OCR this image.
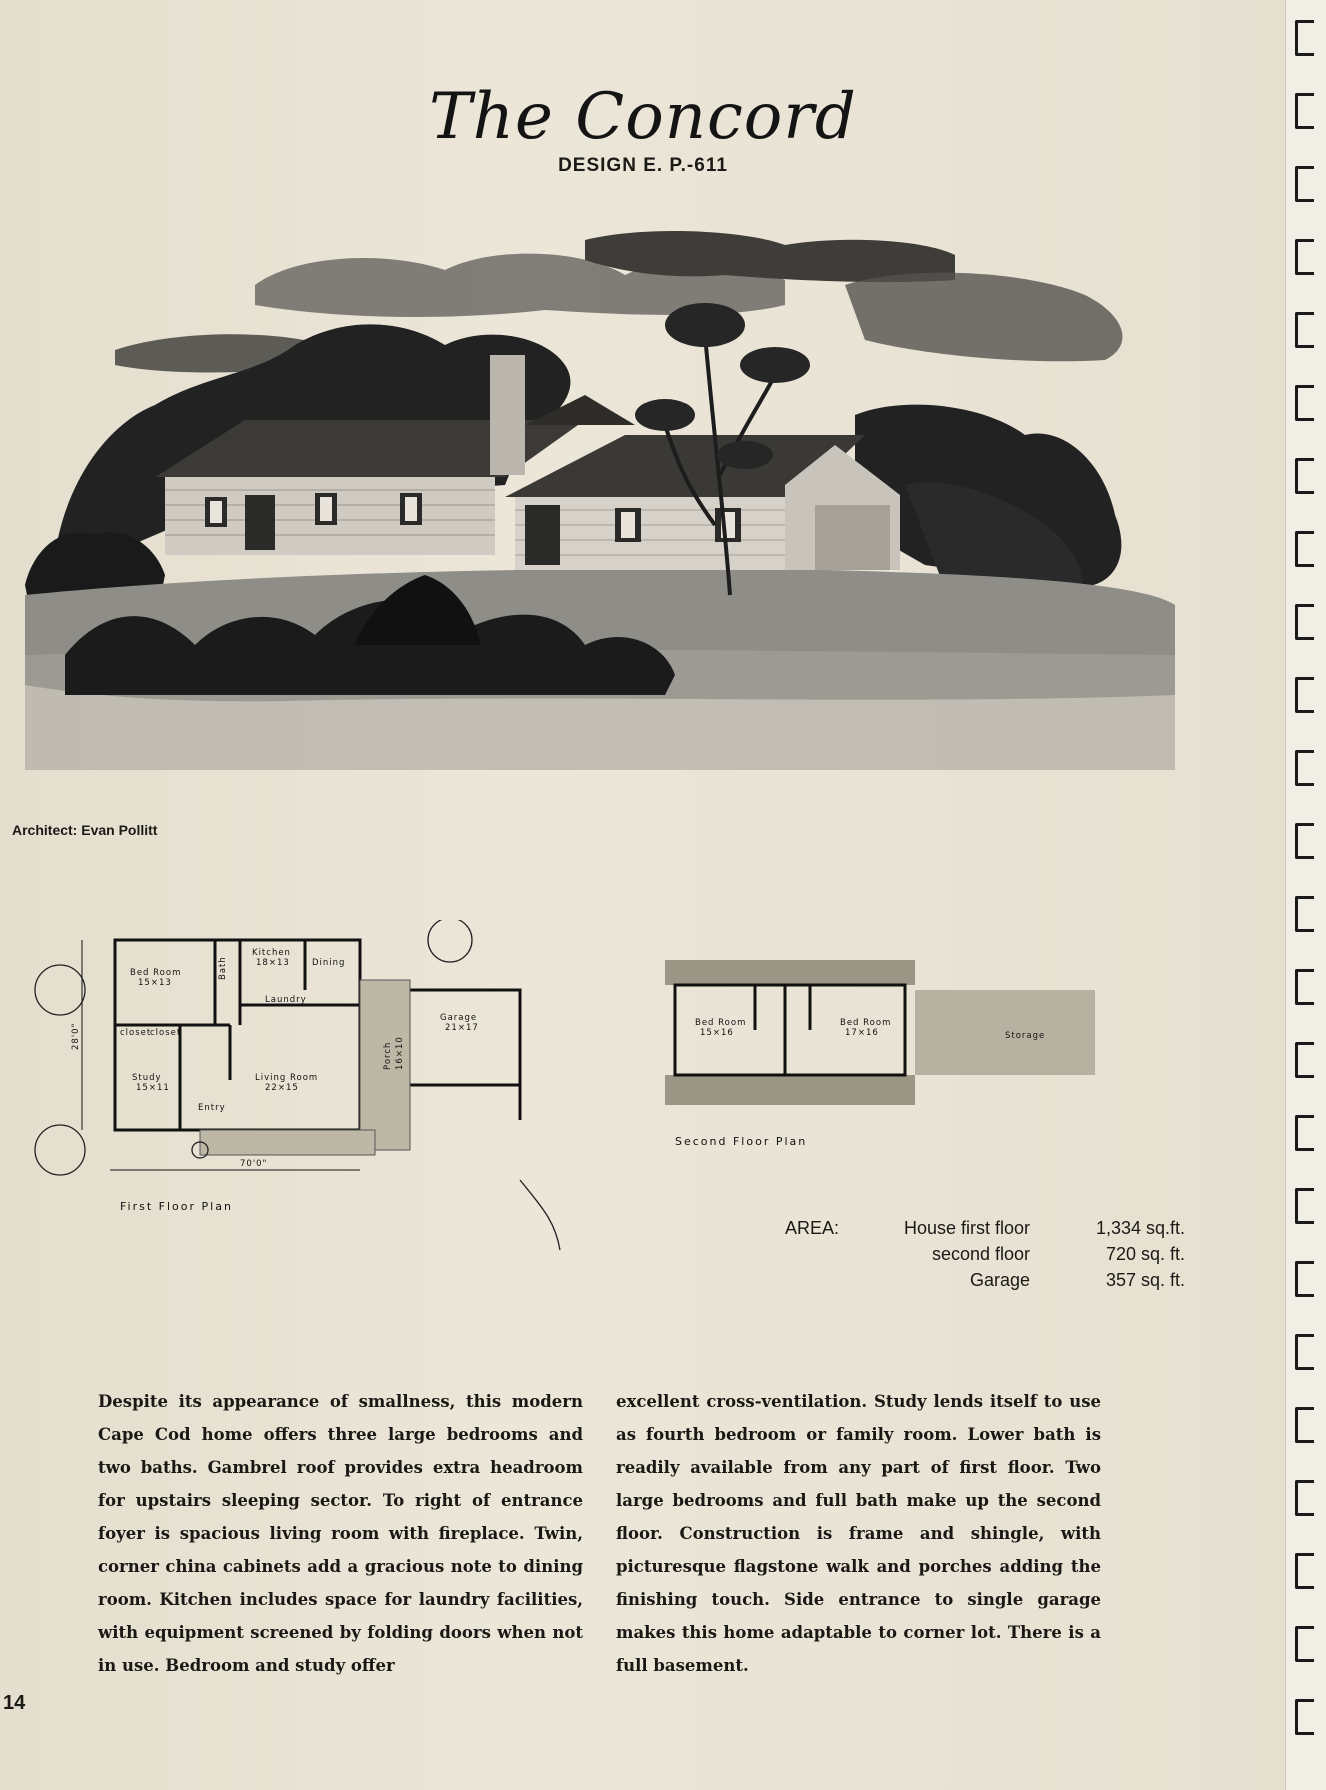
The Concord
DESIGN E. P.-611
Architect: Evan Pollitt
Bed Room
15×13
Bath
Kitchen
18×13	Dining
Laundry
closet
closet
Study
15×11
Living Room
22×15
Entry
Porch 16×10
Garage
21×17
70'0"
28'0"
First Floor Plan
Bed Room
15×16
Bed Room
17×16	Storage
Second Floor Plan
AREA:	House first floor	1,334 sq.ft.
second floor	720 sq. ft.
Garage	357 sq. ft.
Despite its appearance of smallness, this modern Cape Cod home offers three large bedrooms and two baths. Gambrel roof provides extra headroom for upstairs sleeping sector. To right of entrance foyer is spacious living room with fireplace. Twin, corner china cabinets add a gracious note to dining room. Kitchen includes space for laundry facilities, with equipment screened by folding doors when not in use. Bedroom and study offer
excellent cross-ventilation. Study lends itself to use as fourth bedroom or family room. Lower bath is readily available from any part of first floor. Two large bedrooms and full bath make up the second floor. Construction is frame and shingle, with picturesque flagstone walk and porches adding the finishing touch. Side entrance to single garage makes this home adaptable to corner lot. There is a full basement.
14
